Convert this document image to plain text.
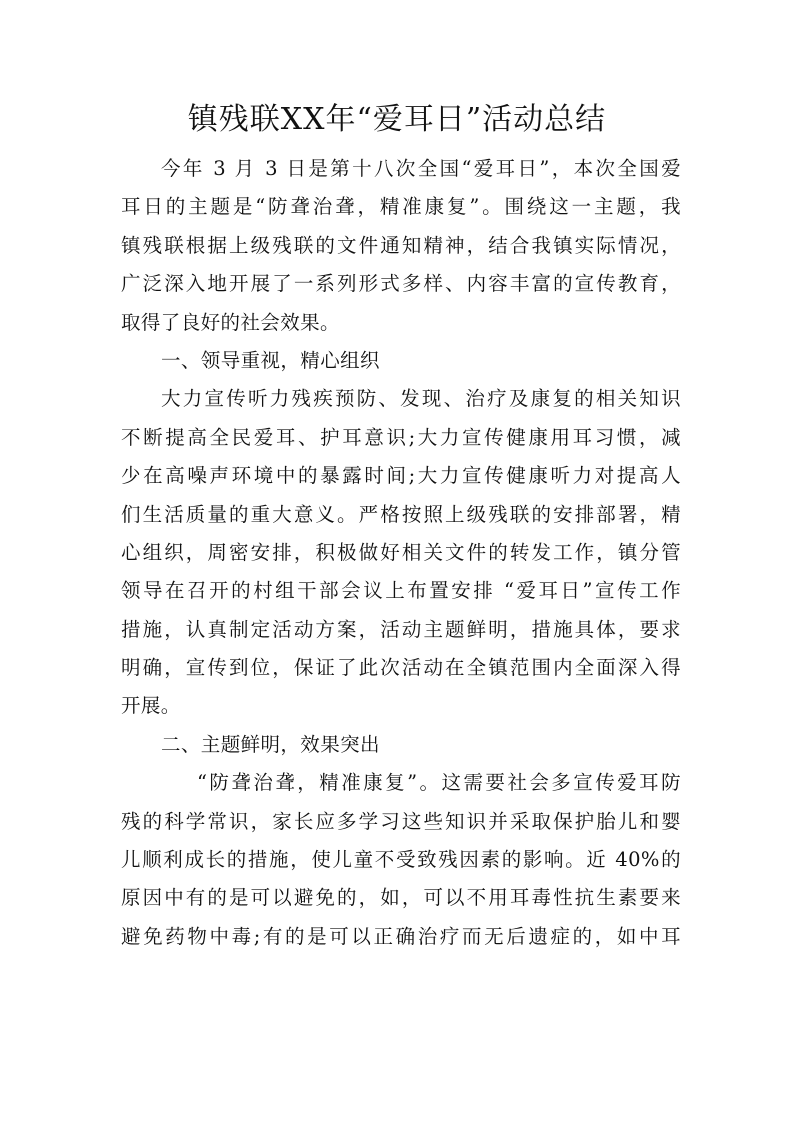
镇残联XX年“爱耳日”活动总结
今年 3 月 3 日是第十八次全国“爱耳日”，本次全国爱
耳日的主题是“防聋治聋，精准康复”。围绕这一主题，我
镇残联根据上级残联的文件通知精神，结合我镇实际情况，
广泛深入地开展了一系列形式多样、内容丰富的宣传教育，
取得了良好的社会效果。
一、领导重视，精心组织
大力宣传听力残疾预防、发现、治疗及康复的相关知识
不断提高全民爱耳、护耳意识;大力宣传健康用耳习惯，减
少在高噪声环境中的暴露时间;大力宣传健康听力对提高人
们生活质量的重大意义。严格按照上级残联的安排部署，精
心组织，周密安排，积极做好相关文件的转发工作，镇分管
领导在召开的村组干部会议上布置安排 “爱耳日”宣传工作
措施，认真制定活动方案，活动主题鲜明，措施具体，要求
明确，宣传到位，保证了此次活动在全镇范围内全面深入得
开展。
二、主题鲜明，效果突出
“防聋治聋，精准康复”。这需要社会多宣传爱耳防
残的科学常识，家长应多学习这些知识并采取保护胎儿和婴
儿顺利成长的措施，使儿童不受致残因素的影响。近 40%的
原因中有的是可以避免的，如，可以不用耳毒性抗生素要来
避免药物中毒;有的是可以正确治疗而无后遗症的，如中耳
